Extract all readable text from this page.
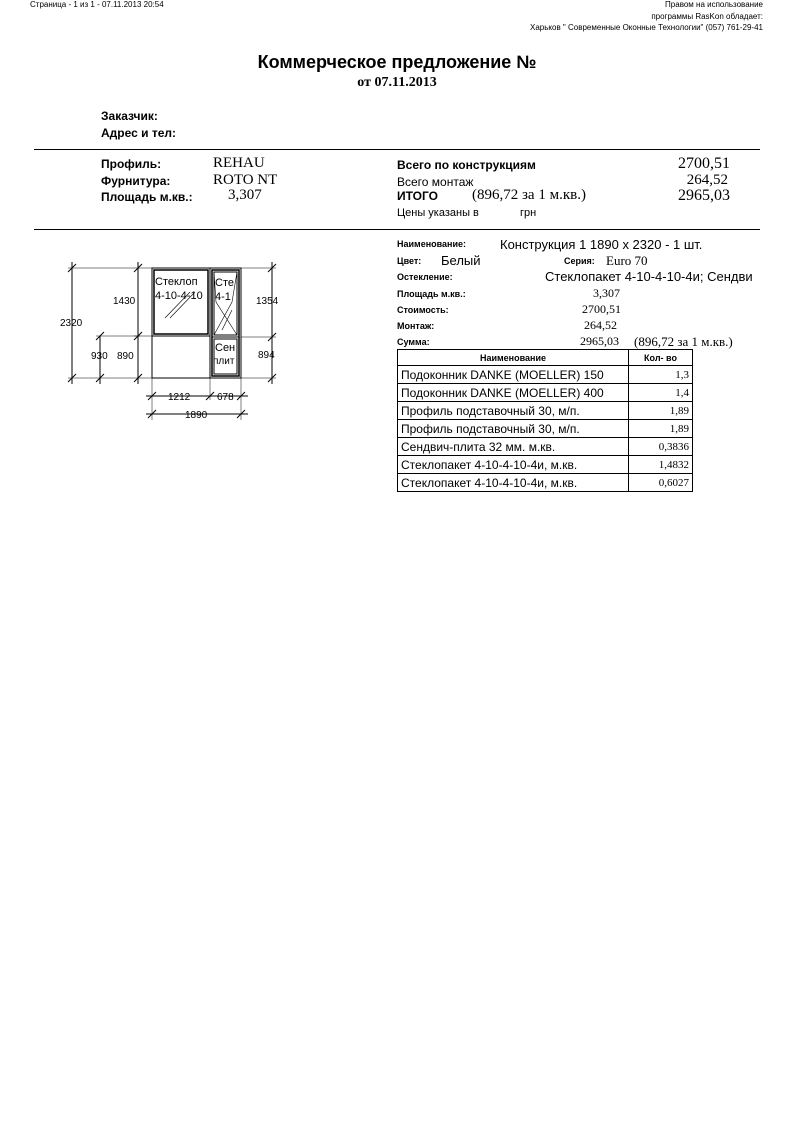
Страница - 1 из 1 - 07.11.2013 20:54	Правом на использование
программы RasKon обладает:
Харьков " Современные Оконные Технологии" (057) 761-29-41
Коммерческое предложение №
от 07.11.2013
Заказчик:
Адрес и тел:
Профиль:	REHAU
Фурнитура:	ROTO NT
Площадь м.кв.: 3,307
Всего по конструкциям	2700,51
Всего монтаж	264,52
ИТОГО (896,72 за 1 м.кв.)	2965,03
Цены указаны в	грн
1430
2320
1354
930 890	894
1212	678
1890
Стеклоп
4-10-4-10
Сте
4-1
Сен
плит
Наименование:	Конструкция 1 1890 x 2320 - 1 шт.
Цвет: Белый	Серия: Euro 70
Остекление:	Стеклопакет 4-10-4-10-4и; Сендви
Площадь м.кв.:	3,307
Стоимость:	2700,51
Монтаж:	264,52
Сумма:	2965,03 (896,72 за 1 м.кв.)
Наименование	Кол- во
Подоконник DANKE (MOELLER) 150	1,3
Подоконник DANKE (MOELLER) 400	1,4
Профиль подставочный 30, м/п.	1,89
Профиль подставочный 30, м/п.	1,89
Сендвич-плита 32 мм. м.кв.	0,3836
Стеклопакет 4-10-4-10-4и, м.кв.	1,4832
Стеклопакет 4-10-4-10-4и, м.кв.	0,6027
